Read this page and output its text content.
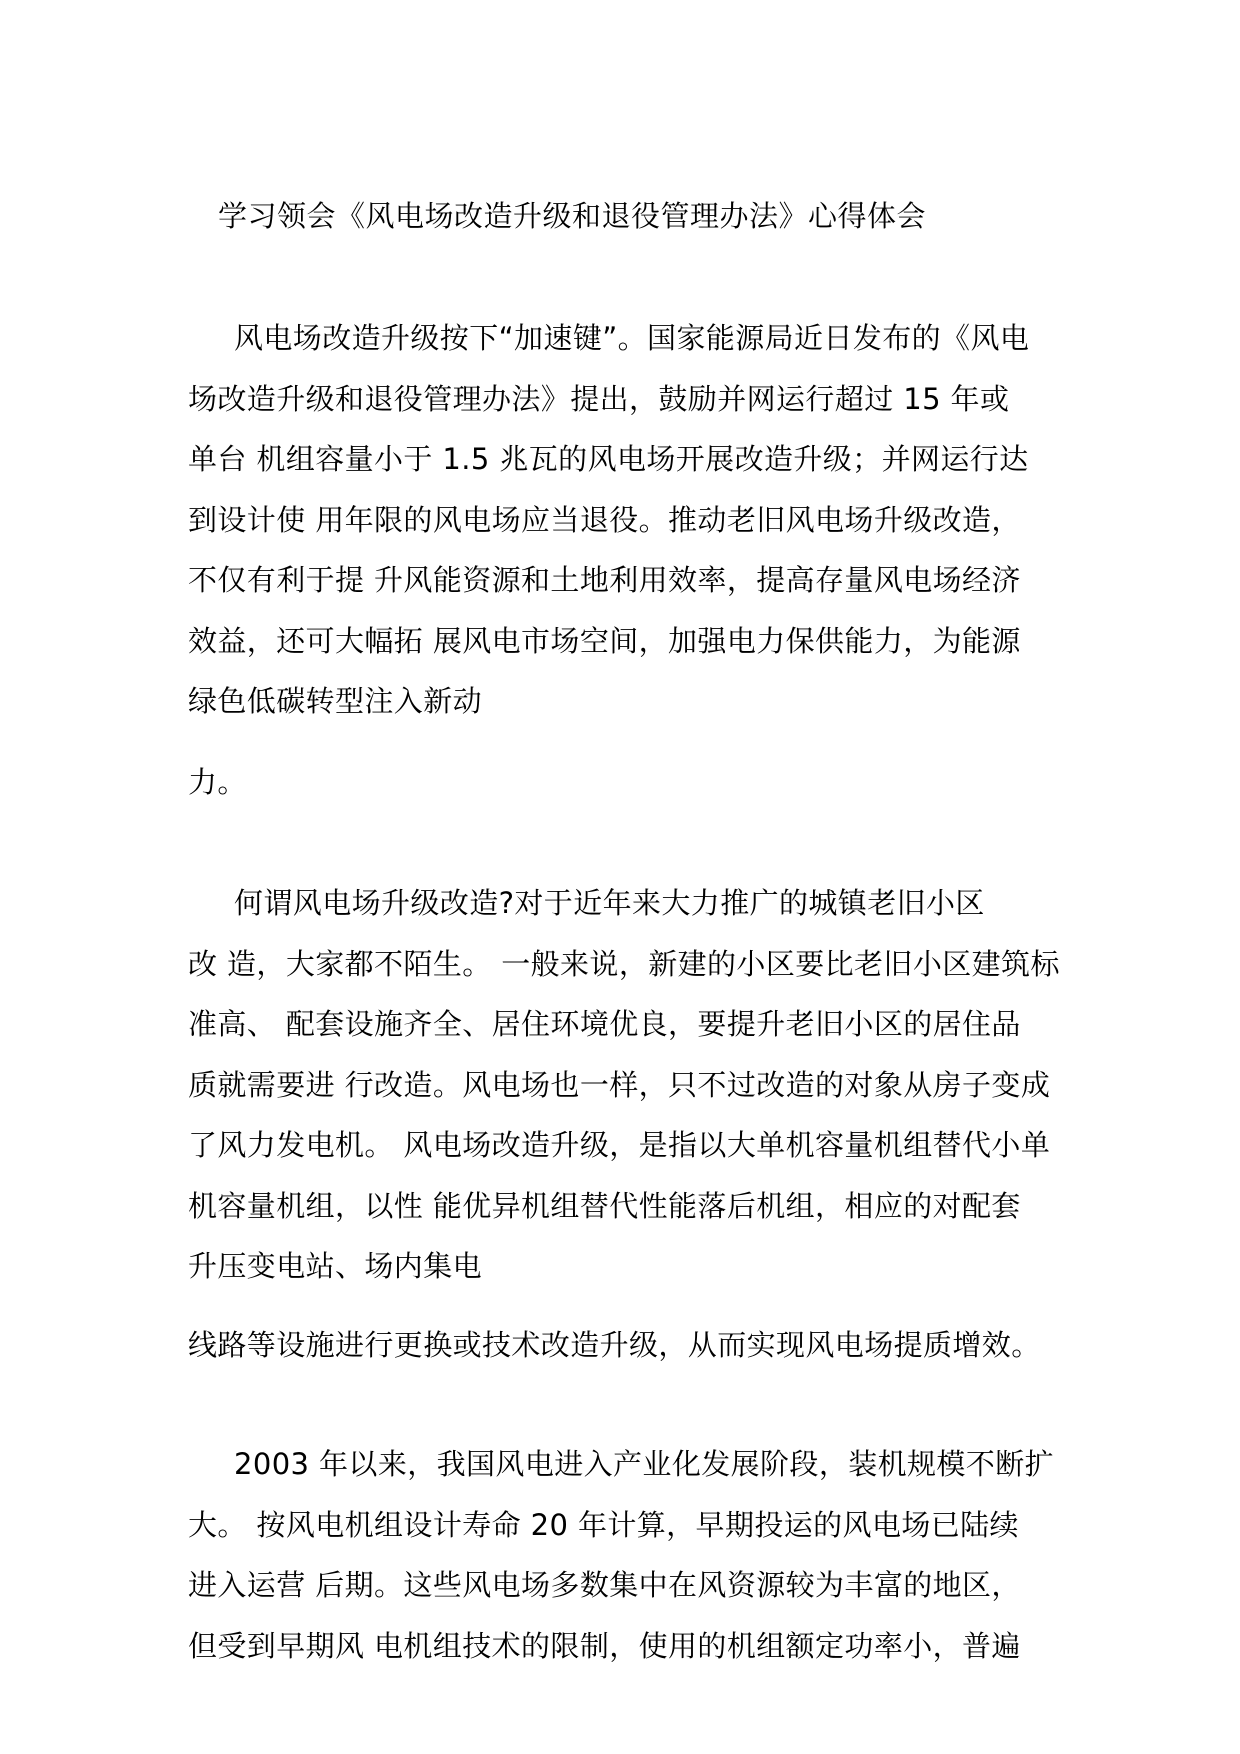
学习领会《风电场改造升级和退役管理办法》心得体会
风电场改造升级按下“加速键”。国家能源局近日发布的《风电
场改造升级和退役管理办法》提出，鼓励并网运行超过 15 年或
单台 机组容量小于 1.5 兆瓦的风电场开展改造升级；并网运行达
到设计使 用年限的风电场应当退役。推动老旧风电场升级改造，
不仅有利于提 升风能资源和土地利用效率，提高存量风电场经济
效益，还可大幅拓 展风电市场空间，加强电力保供能力，为能源
绿色低碳转型注入新动
力。
何谓风电场升级改造?对于近年来大力推广的城镇老旧小区
改 造，大家都不陌生。 一般来说，新建的小区要比老旧小区建筑标
准高、 配套设施齐全、居住环境优良，要提升老旧小区的居住品
质就需要进 行改造。风电场也一样，只不过改造的对象从房子变成
了风力发电机。 风电场改造升级，是指以大单机容量机组替代小单
机容量机组，以性 能优异机组替代性能落后机组，相应的对配套
升压变电站、场内集电
线路等设施进行更换或技术改造升级，从而实现风电场提质增效。
2003 年以来，我国风电进入产业化发展阶段，装机规模不断扩
大。 按风电机组设计寿命 20 年计算，早期投运的风电场已陆续
进入运营 后期。这些风电场多数集中在风资源较为丰富的地区，
但受到早期风 电机组技术的限制，使用的机组额定功率小，普遍
